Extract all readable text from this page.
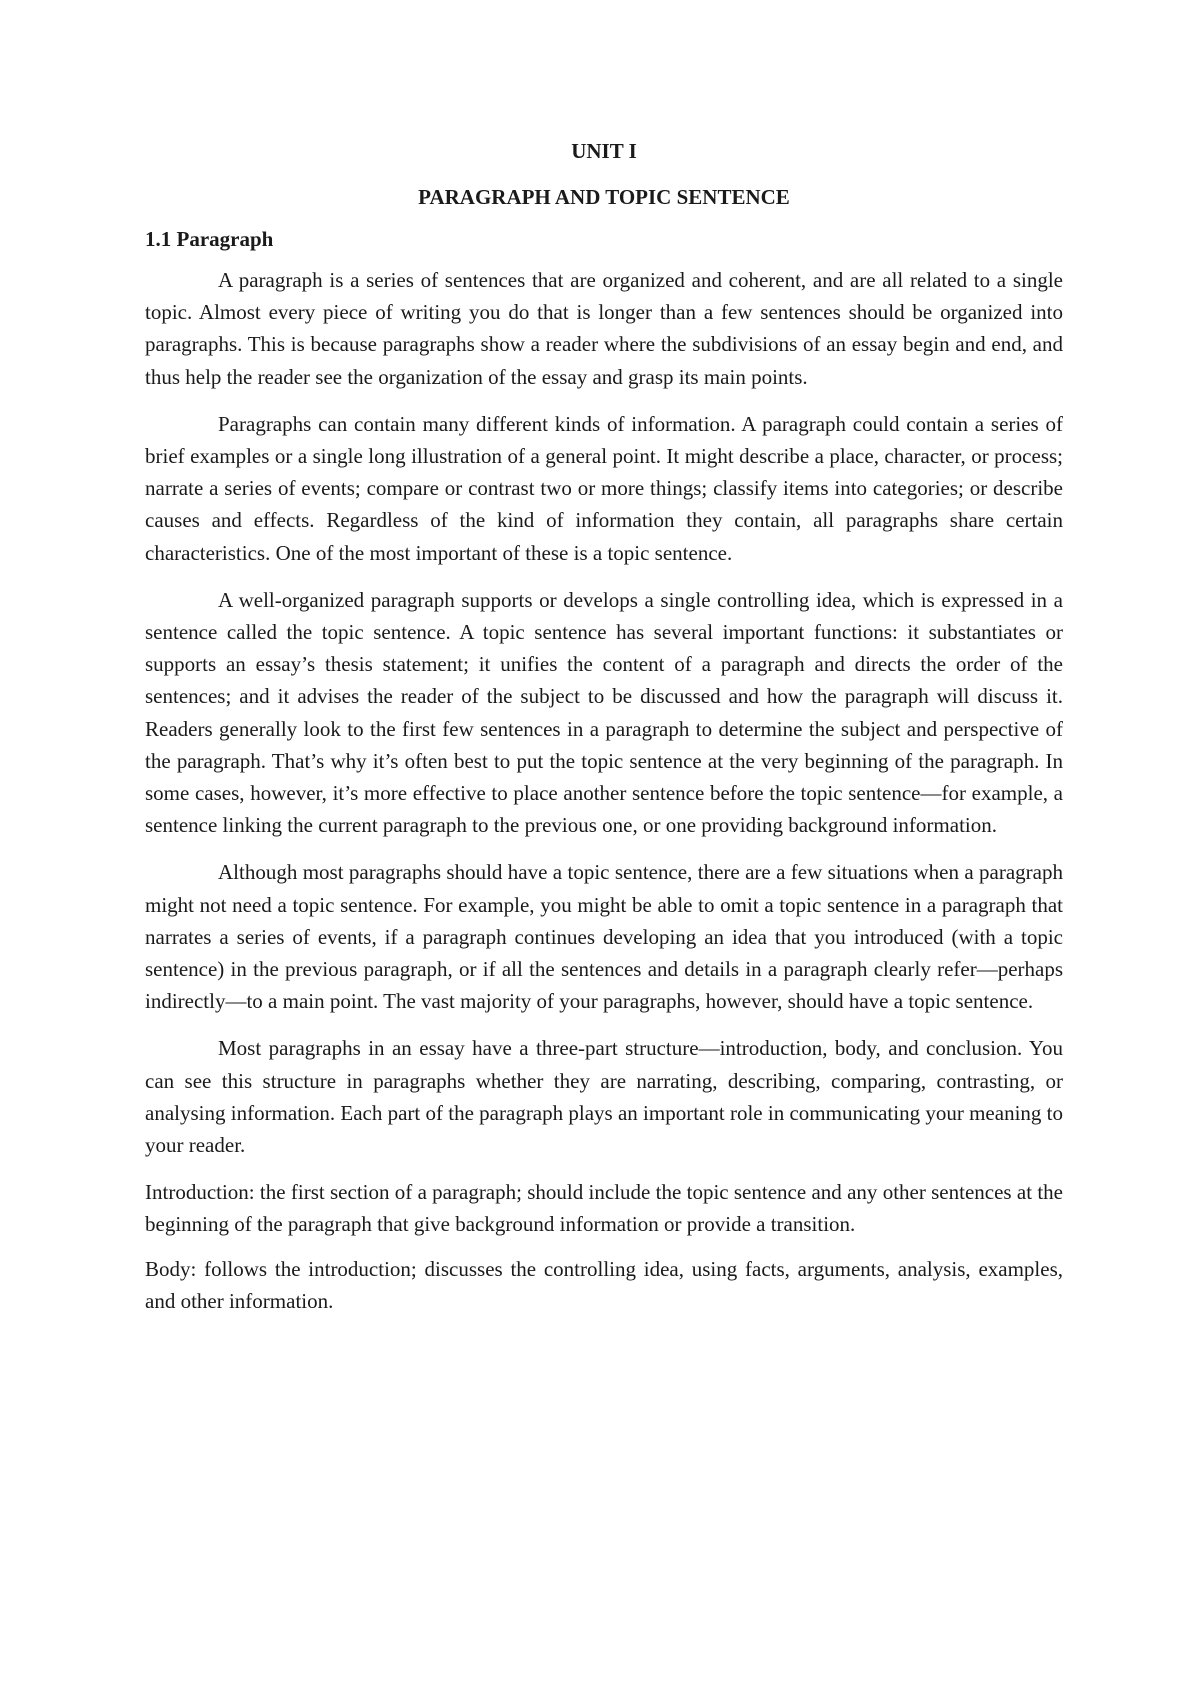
UNIT I
PARAGRAPH AND TOPIC SENTENCE
1.1 Paragraph

A paragraph is a series of sentences that are organized and coherent, and are all related to a single topic. Almost every piece of writing you do that is longer than a few sentences should be organized into paragraphs. This is because paragraphs show a reader where the subdivisions of an essay begin and end, and thus help the reader see the organization of the essay and grasp its main points.

Paragraphs can contain many different kinds of information. A paragraph could contain a series of brief examples or a single long illustration of a general point. It might describe a place, character, or process; narrate a series of events; compare or contrast two or more things; classify items into categories; or describe causes and effects. Regardless of the kind of information they contain, all paragraphs share certain characteristics. One of the most important of these is a topic sentence.

A well-organized paragraph supports or develops a single controlling idea, which is expressed in a sentence called the topic sentence. A topic sentence has several important functions: it substantiates or supports an essay’s thesis statement; it unifies the content of a paragraph and directs the order of the sentences; and it advises the reader of the subject to be discussed and how the paragraph will discuss it. Readers generally look to the first few sentences in a paragraph to determine the subject and perspective of the paragraph. That’s why it’s often best to put the topic sentence at the very beginning of the paragraph. In some cases, however, it’s more effective to place another sentence before the topic sentence—for example, a sentence linking the current paragraph to the previous one, or one providing background information.

Although most paragraphs should have a topic sentence, there are a few situations when a paragraph might not need a topic sentence. For example, you might be able to omit a topic sentence in a paragraph that narrates a series of events, if a paragraph continues developing an idea that you introduced (with a topic sentence) in the previous paragraph, or if all the sentences and details in a paragraph clearly refer—perhaps indirectly—to a main point. The vast majority of your paragraphs, however, should have a topic sentence.

Most paragraphs in an essay have a three-part structure—introduction, body, and conclusion. You can see this structure in paragraphs whether they are narrating, describing, comparing, contrasting, or analysing information. Each part of the paragraph plays an important role in communicating your meaning to your reader.

Introduction: the first section of a paragraph; should include the topic sentence and any other sentences at the beginning of the paragraph that give background information or provide a transition.

Body: follows the introduction; discusses the controlling idea, using facts, arguments, analysis, examples, and other information.
